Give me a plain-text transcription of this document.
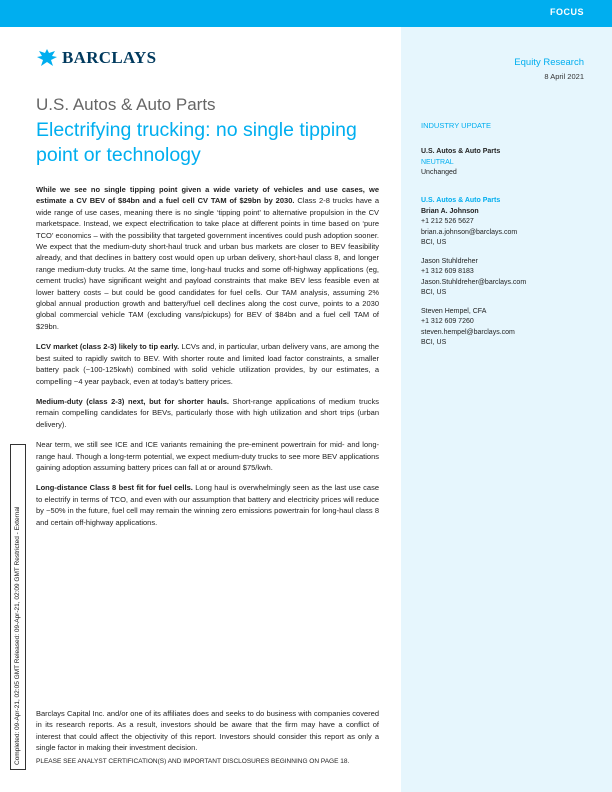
FOCUS
BARCLAYS	Equity Research
8 April 2021
U.S. Autos & Auto Parts
Electrifying trucking: no single tipping point or technology

While we see no single tipping point given a wide variety of vehicles and use cases, we estimate a CV BEV of $84bn and a fuel cell CV TAM of $29bn by 2030. Class 2-8 trucks have a wide range of use cases, meaning there is no single ‘tipping point’ to alternative propulsion in the CV marketspace. Instead, we expect electrification to take place at different points in time based on ‘pure TCO’ economics – with the possibility that targeted government incentives could push adoption sooner. We expect that the medium-duty short-haul truck and urban bus markets are closer to BEV feasibility already, and that declines in battery cost would open up urban delivery, short-haul class 8, and longer range medium-duty trucks. At the same time, long-haul trucks and some off-highway applications (eg, cement trucks) have significant weight and payload constraints that make BEV less feasible even at lower battery costs – but could be good candidates for fuel cells. Our TAM analysis, assuming 2% global annual production growth and battery/fuel cell declines along the cost curve, points to a 2030 global commercial vehicle TAM (excluding vans/pickups) for BEV of $84bn and a fuel cell TAM of $29bn.

LCV market (class 2-3) likely to tip early. LCVs and, in particular, urban delivery vans, are among the best suited to rapidly switch to BEV. With shorter route and limited load factor constraints, a smaller battery pack (~100-125kwh) combined with solid vehicle utilization provides, by our estimates, a compelling ~4 year payback, even at today’s battery prices.

Medium-duty (class 2-3) next, but for shorter hauls. Short-range applications of medium trucks remain compelling candidates for BEVs, particularly those with high utilization and short trips (urban delivery).

Near term, we still see ICE and ICE variants remaining the pre-eminent powertrain for mid- and long-range haul. Though a long-term potential, we expect medium-duty trucks to see more BEV applications gaining adoption assuming battery prices can fall at or around $75/kwh.

Long-distance Class 8 best fit for fuel cells. Long haul is overwhelmingly seen as the last use case to electrify in terms of TCO, and even with our assumption that battery and electricity prices will reduce by ~50% in the future, fuel cell may remain the winning zero emissions powertrain for long-haul class 8 and certain off-highway applications.

Completed: 09-Apr-21, 02:05 GMT Released: 09-Apr-21, 02:09 GMT Restricted - External	Barclays Capital Inc. and/or one of its affiliates does and seeks to do business with companies covered in its research reports. As a result, investors should be aware that the firm may have a conflict of interest that could affect the objectivity of this report. Investors should consider this report as only a single factor in making their investment decision.

PLEASE SEE ANALYST CERTIFICATION(S) AND IMPORTANT DISCLOSURES BEGINNING ON PAGE 18.
INDUSTRY UPDATE
U.S. Autos & Auto Parts
NEUTRAL
Unchanged
U.S. Autos & Auto Parts
Brian A. Johnson
+1 212 526 5627
brian.a.johnson@barclays.com
BCI, US
Jason Stuhldreher
+1 312 609 8183
Jason.Stuhldreher@barclays.com
BCI, US
Steven Hempel, CFA
+1 312 609 7260
steven.hempel@barclays.com
BCI, US
